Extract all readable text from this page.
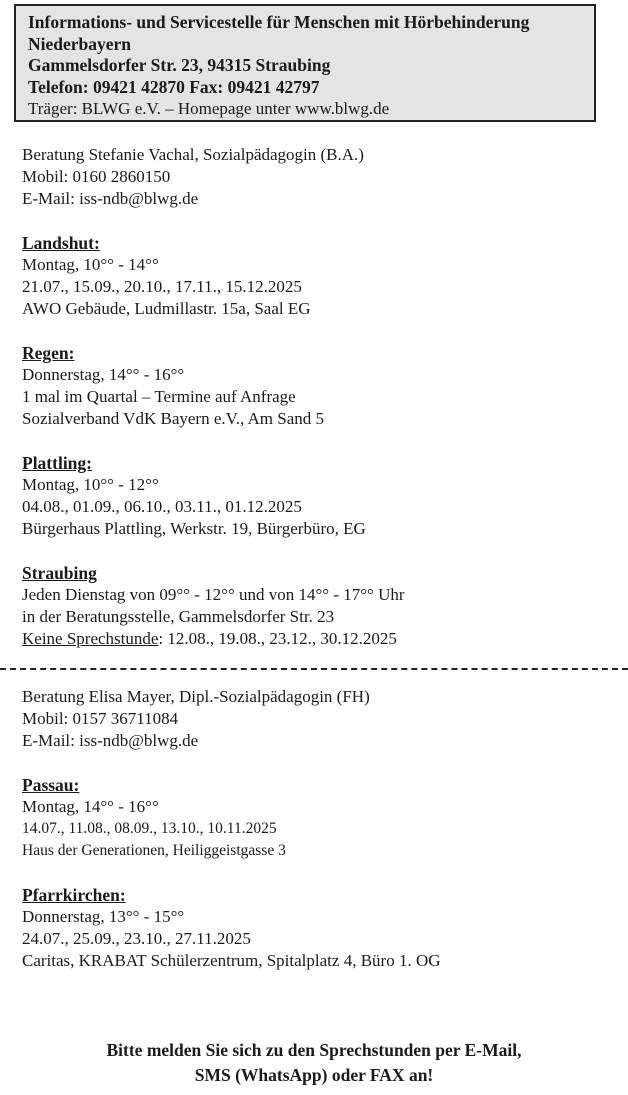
Informations- und Servicestelle für Menschen mit Hörbehinderung
Niederbayern
Gammelsdorfer Str. 23, 94315 Straubing
Telefon: 09421 42870 Fax: 09421 42797
Träger: BLWG e.V. – Homepage unter www.blwg.de
Beratung Stefanie Vachal, Sozialpädagogin (B.A.)
Mobil: 0160 2860150
E-Mail: iss-ndb@blwg.de
Landshut:
Montag, 10°° - 14°°
21.07., 15.09., 20.10., 17.11., 15.12.2025
AWO Gebäude, Ludmillastr. 15a, Saal EG
Regen:
Donnerstag, 14°° - 16°°
1 mal im Quartal – Termine auf Anfrage
Sozialverband VdK Bayern e.V., Am Sand 5
Plattling:
Montag, 10°° - 12°°
04.08., 01.09., 06.10., 03.11., 01.12.2025
Bürgerhaus Plattling, Werkstr. 19, Bürgerbüro, EG
Straubing
Jeden Dienstag von 09°° - 12°° und von 14°° - 17°° Uhr
in der Beratungsstelle, Gammelsdorfer Str. 23
Keine Sprechstunde: 12.08., 19.08., 23.12., 30.12.2025
Beratung Elisa Mayer, Dipl.-Sozialpädagogin (FH)
Mobil: 0157 36711084
E-Mail: iss-ndb@blwg.de
Passau:
Montag, 14°° - 16°°
14.07., 11.08., 08.09., 13.10., 10.11.2025
Haus der Generationen, Heiliggeistgasse 3
Pfarrkirchen:
Donnerstag, 13°° - 15°°
24.07., 25.09., 23.10., 27.11.2025
Caritas, KRABAT Schülerzentrum, Spitalplatz 4, Büro 1. OG
Bitte melden Sie sich zu den Sprechstunden per E-Mail,
SMS (WhatsApp) oder FAX an!
